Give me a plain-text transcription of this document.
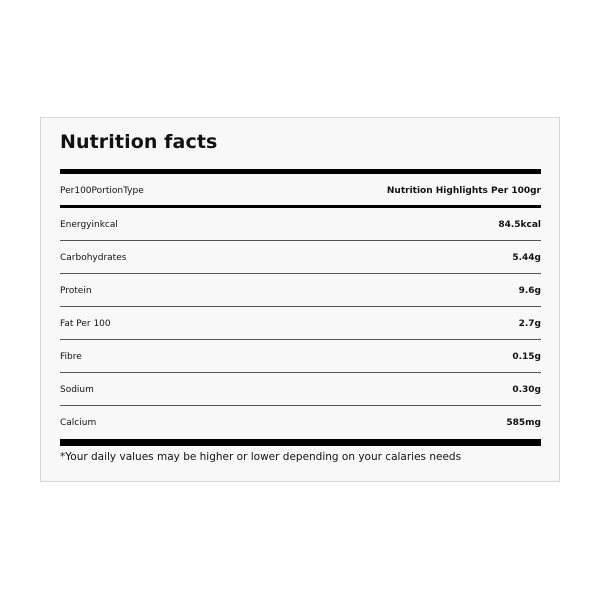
Nutrition facts
Per100PortionType	Nutrition Highlights Per 100gr
Energyinkcal	84.5kcal
Carbohydrates	5.44g
Protein	9.6g
Fat Per 100	2.7g
Fibre	0.15g
Sodium	0.30g
Calcium	585mg
*Your daily values may be higher or lower depending on your calaries needs
